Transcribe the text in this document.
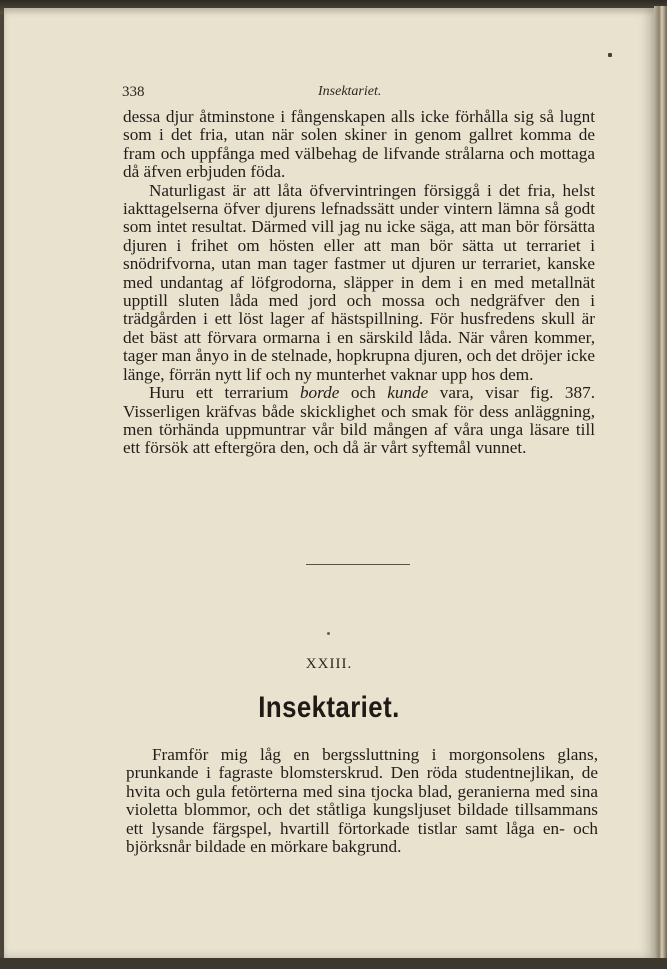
338	Insektariet.

dessa djur åtminstone i fångenskapen alls icke förhålla sig så lugnt som i det fria, utan när solen skiner in genom gallret komma de fram och uppfånga med välbehag de lifvande strålarna och mottaga då äfven erbjuden föda.

Naturligast är att låta öfvervintringen försiggå i det fria, helst iakttagelserna öfver djurens lefnadssätt under vintern lämna så godt som intet resultat. Därmed vill jag nu icke säga, att man bör försätta djuren i frihet om hösten eller att man bör sätta ut terrariet i snödrifvorna, utan man tager fastmer ut djuren ur terrariet, kanske med undantag af löfgrodorna, släpper in dem i en med metallnät upptill sluten låda med jord och mossa och nedgräfver den i trädgården i ett löst lager af hästspillning. För husfredens skull är det bäst att förvara ormarna i en särskild låda. När våren kommer, tager man ånyo in de stelnade, hopkrupna djuren, och det dröjer icke länge, förrän nytt lif och ny munterhet vaknar upp hos dem.

Huru ett terrarium borde och kunde vara, visar fig. 387. Visserligen kräfvas både skicklighet och smak för dess anläggning, men törhända uppmuntrar vår bild mången af våra unga läsare till ett försök att eftergöra den, och då är vårt syftemål vunnet.

XXIII.
Insektariet.

Framför mig låg en bergssluttning i morgonsolens glans, prunkande i fagraste blomsterskrud. Den röda studentnejlikan, de hvita och gula fetörterna med sina tjocka blad, geranierna med sina violetta blommor, och det ståtliga kungsljuset bildade tillsammans ett lysande färgspel, hvartill förtorkade tistlar samt låga en- och björksnår bildade en mörkare bakgrund.
